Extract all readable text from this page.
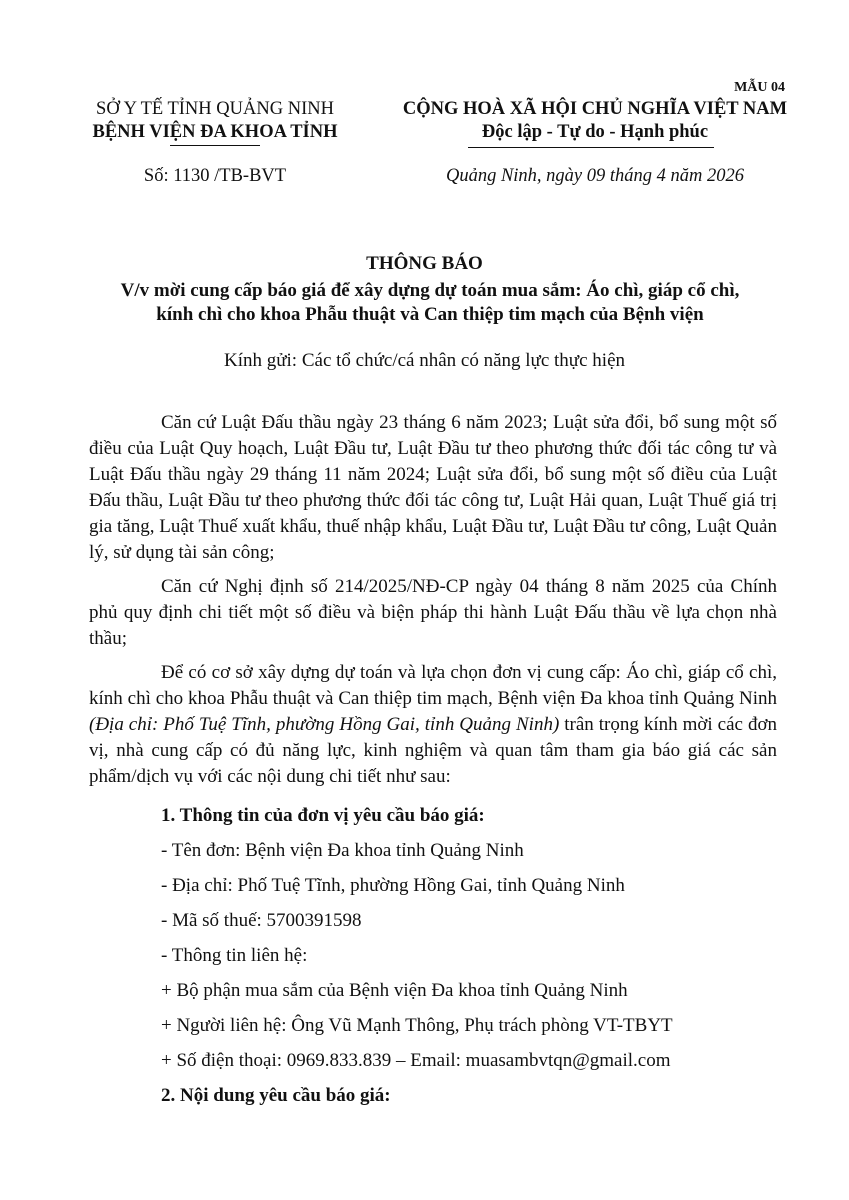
MẪU 04
SỞ Y TẾ TỈNH QUẢNG NINH
BỆNH VIỆN ĐA KHOA TỈNH
CỘNG HOÀ XÃ HỘI CHỦ NGHĨA VIỆT NAM
Độc lập - Tự do - Hạnh phúc
Số: 1130 /TB-BVT	Quảng Ninh, ngày 09 tháng 4 năm 2026
THÔNG BÁO
V/v mời cung cấp báo giá để xây dựng dự toán mua sắm: Áo chì, giáp cổ chì,
kính chì cho khoa Phẫu thuật và Can thiệp tim mạch của Bệnh viện
Kính gửi: Các tổ chức/cá nhân có năng lực thực hiện

Căn cứ Luật Đấu thầu ngày 23 tháng 6 năm 2023; Luật sửa đổi, bổ sung một số điều của Luật Quy hoạch, Luật Đầu tư, Luật Đầu tư theo phương thức đối tác công tư và Luật Đấu thầu ngày 29 tháng 11 năm 2024; Luật sửa đổi, bổ sung một số điều của Luật Đấu thầu, Luật Đầu tư theo phương thức đối tác công tư, Luật Hải quan, Luật Thuế giá trị gia tăng, Luật Thuế xuất khẩu, thuế nhập khẩu, Luật Đầu tư, Luật Đầu tư công, Luật Quản lý, sử dụng tài sản công;

Căn cứ Nghị định số 214/2025/NĐ-CP ngày 04 tháng 8 năm 2025 của Chính phủ quy định chi tiết một số điều và biện pháp thi hành Luật Đấu thầu về lựa chọn nhà thầu;

Để có cơ sở xây dựng dự toán và lựa chọn đơn vị cung cấp: Áo chì, giáp cổ chì, kính chì cho khoa Phẫu thuật và Can thiệp tim mạch, Bệnh viện Đa khoa tỉnh Quảng Ninh (Địa chỉ: Phố Tuệ Tĩnh, phường Hồng Gai, tỉnh Quảng Ninh) trân trọng kính mời các đơn vị, nhà cung cấp có đủ năng lực, kinh nghiệm và quan tâm tham gia báo giá các sản phẩm/dịch vụ với các nội dung chi tiết như sau:

1. Thông tin của đơn vị yêu cầu báo giá:

- Tên đơn: Bệnh viện Đa khoa tỉnh Quảng Ninh

- Địa chỉ: Phố Tuệ Tĩnh, phường Hồng Gai, tỉnh Quảng Ninh

- Mã số thuế: 5700391598

- Thông tin liên hệ:

+ Bộ phận mua sắm của Bệnh viện Đa khoa tỉnh Quảng Ninh

+ Người liên hệ: Ông Vũ Mạnh Thông, Phụ trách phòng VT-TBYT

+ Số điện thoại: 0969.833.839 – Email: muasambvtqn@gmail.com

2. Nội dung yêu cầu báo giá:
